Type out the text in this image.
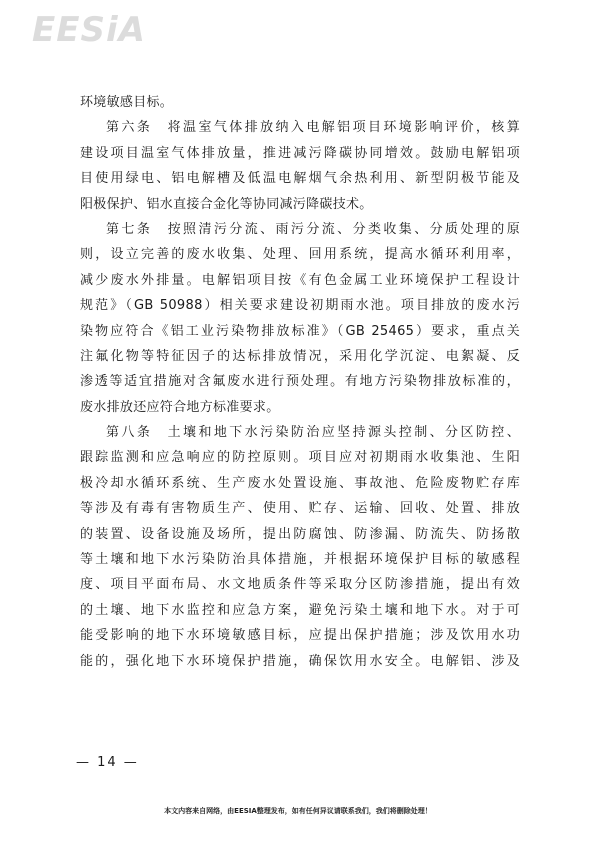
EESiA
环境敏感目标。
第六条　将温室气体排放纳入电解铝项目环境影响评价，核算
建设项目温室气体排放量，推进减污降碳协同增效。鼓励电解铝项
目使用绿电、铝电解槽及低温电解烟气余热利用、新型阴极节能及
阳极保护、铝水直接合金化等协同减污降碳技术。
第七条　按照清污分流、雨污分流、分类收集、分质处理的原
则，设立完善的废水收集、处理、回用系统，提高水循环利用率，
减少废水外排量。电解铝项目按《有色金属工业环境保护工程设计
规范》（GB 50988）相关要求建设初期雨水池。项目排放的废水污
染物应符合《铝工业污染物排放标准》（GB 25465）要求，重点关
注氟化物等特征因子的达标排放情况，采用化学沉淀、电絮凝、反
渗透等适宜措施对含氟废水进行预处理。有地方污染物排放标准的，
废水排放还应符合地方标准要求。
第八条　土壤和地下水污染防治应坚持源头控制、分区防控、
跟踪监测和应急响应的防控原则。项目应对初期雨水收集池、生阳
极冷却水循环系统、生产废水处置设施、事故池、危险废物贮存库
等涉及有毒有害物质生产、使用、贮存、运输、回收、处置、排放
的装置、设备设施及场所，提出防腐蚀、防渗漏、防流失、防扬散
等土壤和地下水污染防治具体措施，并根据环境保护目标的敏感程
度、项目平面布局、水文地质条件等采取分区防渗措施，提出有效
的土壤、地下水监控和应急方案，避免污染土壤和地下水。对于可
能受影响的地下水环境敏感目标，应提出保护措施；涉及饮用水功
能的，强化地下水环境保护措施，确保饮用水安全。电解铝、涉及
— 14 —
本文内容来自网络，由EESIA整理发布，如有任何异议请联系我们，我们将删除处理！
